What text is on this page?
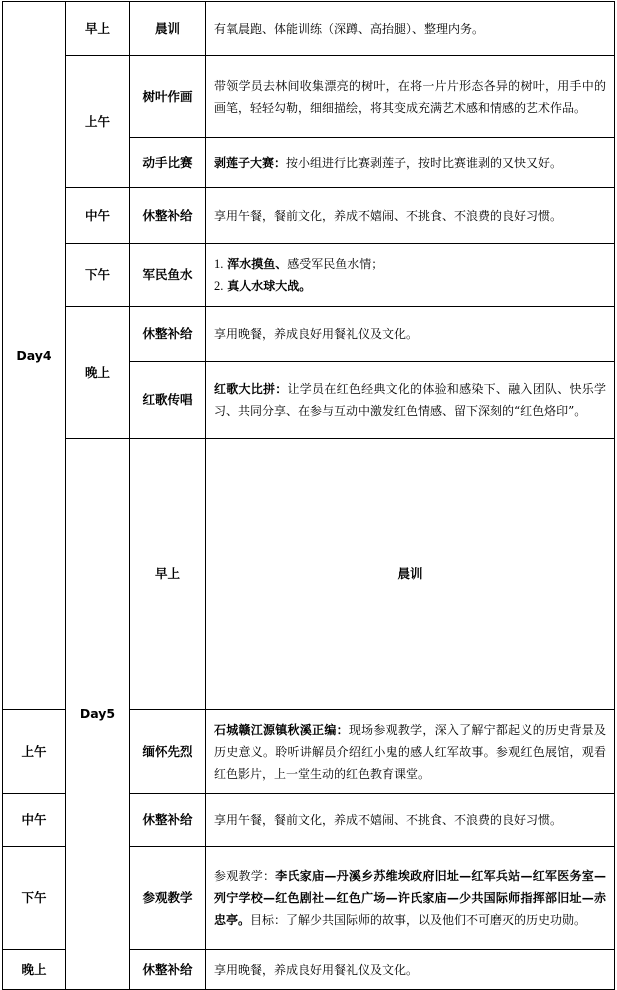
Day4	早上	晨训	有氧晨跑、体能训练（深蹲、高抬腿）、整理内务。	
	上午	树叶作画	带领学员去林间收集漂亮的树叶，在将一片片形态各异的树叶，用手中的画笔，轻轻勾勒，细细描绘，将其变成充满艺术感和情感的艺术作品。	
		动手比赛	剥莲子大赛：按小组进行比赛剥莲子，按时比赛谁剥的又快又好。	
	中午	休整补给	享用午餐，餐前文化，养成不嬉闹、不挑食、不浪费的良好习惯。	
	下午	军民鱼水	1. 浑水摸鱼、感受军民鱼水情；
2. 真人水球大战。	

	晚上	休整补给	享用晚餐，养成良好用餐礼仪及文化。	
		红歌传唱	红歌大比拼：让学员在红色经典文化的体验和感染下、融入团队、快乐学习、共同分享、在参与互动中激发红色情感、留下深刻的“红色烙印”。	
	Day5	早上	晨训	
上午		缅怀先烈	石城赣江源镇秋溪正编：现场参观教学，深入了解宁都起义的历史背景及历史意义。聆听讲解员介绍红小鬼的感人红军故事。参观红色展馆，观看红色影片，上一堂生动的红色教育课堂。	
中午		休整补给	享用午餐，餐前文化，养成不嬉闹、不挑食、不浪费的良好习惯。	
下午		参观教学	参观教学：李氏家庙—丹溪乡苏维埃政府旧址—红军兵站—红军医务室—列宁学校—红色剧社—红色广场—许氏家庙—少共国际师指挥部旧址—赤忠亭。目标：了解少共国际师的故事，以及他们不可磨灭的历史功勋。	
晚上		休整补给	享用晚餐，养成良好用餐礼仪及文化。	
